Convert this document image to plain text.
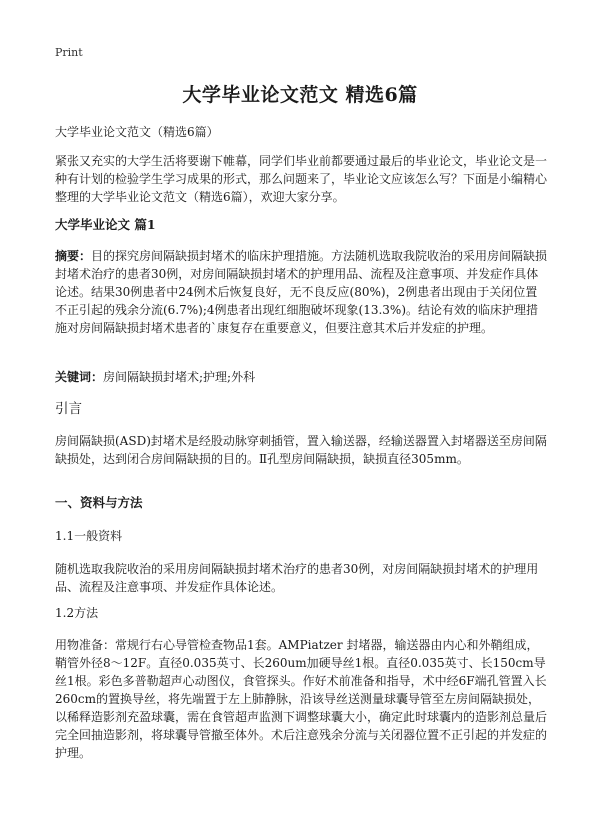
Print
大学毕业论文范文 精选6篇
大学毕业论文范文（精选6篇）
紧张又充实的大学生活将要谢下帷幕，同学们毕业前都要通过最后的毕业论文，毕业论文是一种有计划的检验学生学习成果的形式，那么问题来了，毕业论文应该怎么写？下面是小编精心整理的大学毕业论文范文（精选6篇），欢迎大家分享。
大学毕业论文 篇1
摘要：目的探究房间隔缺损封堵术的临床护理措施。方法随机选取我院收治的采用房间隔缺损封堵术治疗的患者30例，对房间隔缺损封堵术的护理用品、流程及注意事项、并发症作具体论述。结果30例患者中24例术后恢复良好，无不良反应(80%)，2例患者出现由于关闭位置不正引起的残余分流(6.7%);4例患者出现红细胞破坏现象(13.3%)。结论有效的临床护理措施对房间隔缺损封堵术患者的`康复存在重要意义，但要注意其术后并发症的护理。
关键词：房间隔缺损封堵术;护理;外科
引言
房间隔缺损(ASD)封堵术是经股动脉穿刺插管，置入输送器，经输送器置入封堵器送至房间隔缺损处，达到闭合房间隔缺损的目的。Ⅱ孔型房间隔缺损，缺损直径305mm。
一、资料与方法
1.1一般资料
随机选取我院收治的采用房间隔缺损封堵术治疗的患者30例，对房间隔缺损封堵术的护理用品、流程及注意事项、并发症作具体论述。
1.2方法
用物准备：常规行右心导管检查物品1套。AMPiatzer 封堵器，输送器由内心和外鞘组成，鞘管外径8～12F。直径0.035英寸、长260um加硬导丝1根。直径0.035英寸、长150cm导丝1根。彩色多普勒超声心动图仪，食管探头。作好术前准备和指导，术中经6F端孔管置入长260cm的置换导丝，将先端置于左上肺静脉，沿该导丝送测量球囊导管至左房间隔缺损处，以稀释造影剂充盈球囊，需在食管超声监测下调整球囊大小，确定此时球囊内的造影剂总量后完全回抽造影剂，将球囊导管撤至体外。术后注意残余分流与关闭器位置不正引起的并发症的护理。
